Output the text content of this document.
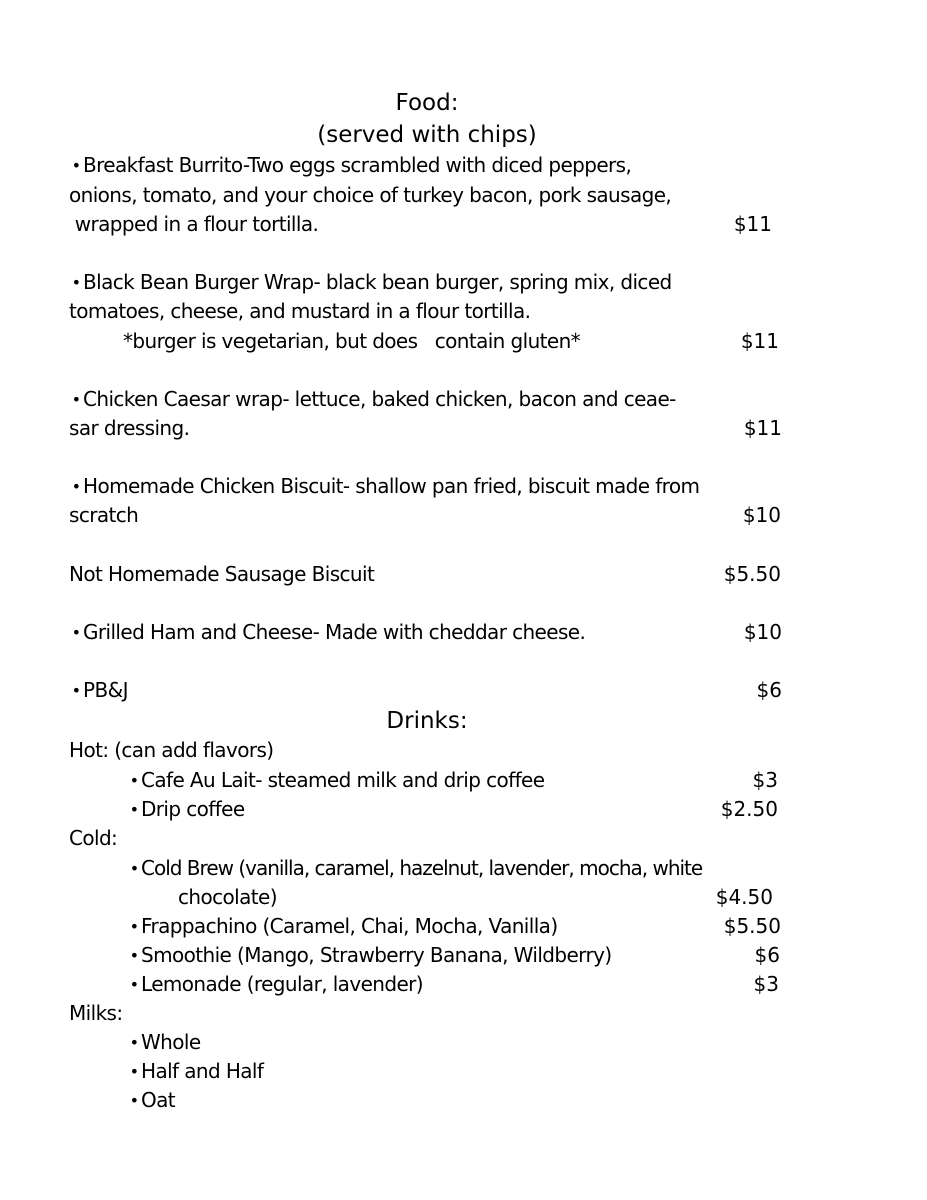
Food:
(served with chips)
• Breakfast Burrito-Two eggs scrambled with diced peppers,
onions, tomato, and your choice of turkey bacon, pork sausage,
wrapped in a flour tortilla.	$11
• Black Bean Burger Wrap- black bean burger, spring mix, diced
tomatoes, cheese, and mustard in a flour tortilla.
*burger is vegetarian, but does   contain gluten*	$11
• Chicken Caesar wrap- lettuce, baked chicken, bacon and ceae-
sar dressing.	$11
• Homemade Chicken Biscuit- shallow pan fried, biscuit made from
scratch	$10
Not Homemade Sausage Biscuit	$5.50
• Grilled Ham and Cheese- Made with cheddar cheese.	$10
• PB&J	$6
Drinks:
Hot: (can add flavors)
• Cafe Au Lait- steamed milk and drip coffee	$3
• Drip coffee	$2.50
Cold:
• Cold Brew (vanilla, caramel, hazelnut, lavender, mocha, white
chocolate)	$4.50
• Frappachino (Caramel, Chai, Mocha, Vanilla)	$5.50
• Smoothie (Mango, Strawberry Banana, Wildberry)	$6
• Lemonade (regular, lavender)	$3
Milks:
• Whole
• Half and Half
• Oat
